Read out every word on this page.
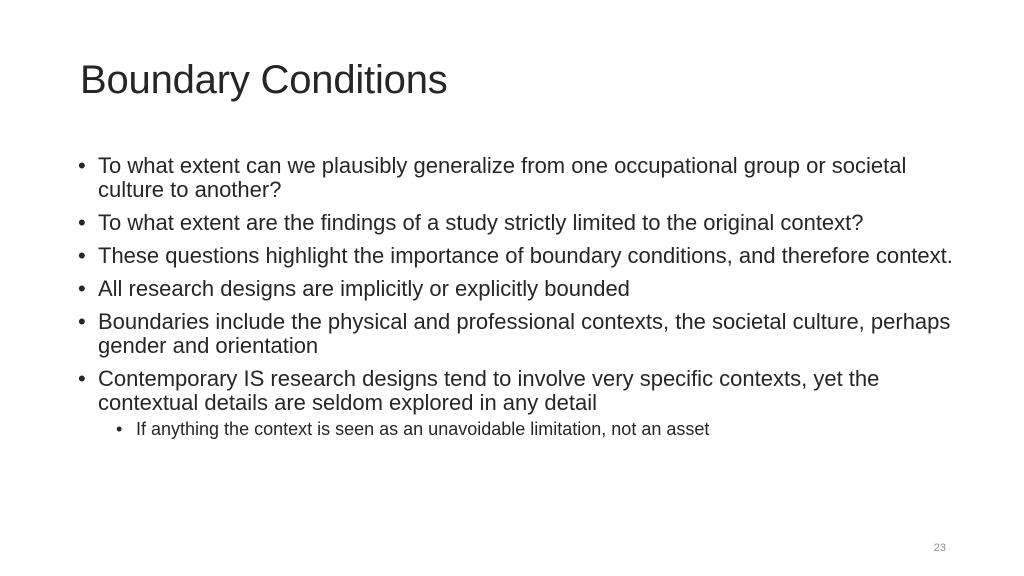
Boundary Conditions
• To what extent can we plausibly generalize from one occupational group or societal culture to another?
• To what extent are the findings of a study strictly limited to the original context?
• These questions highlight the importance of boundary conditions, and therefore context.
• All research designs are implicitly or explicitly bounded
• Boundaries include the physical and professional contexts, the societal culture, perhaps gender and orientation
• Contemporary IS research designs tend to involve very specific contexts, yet the contextual details are seldom explored in any detail
• If anything the context is seen as an unavoidable limitation, not an asset
23
